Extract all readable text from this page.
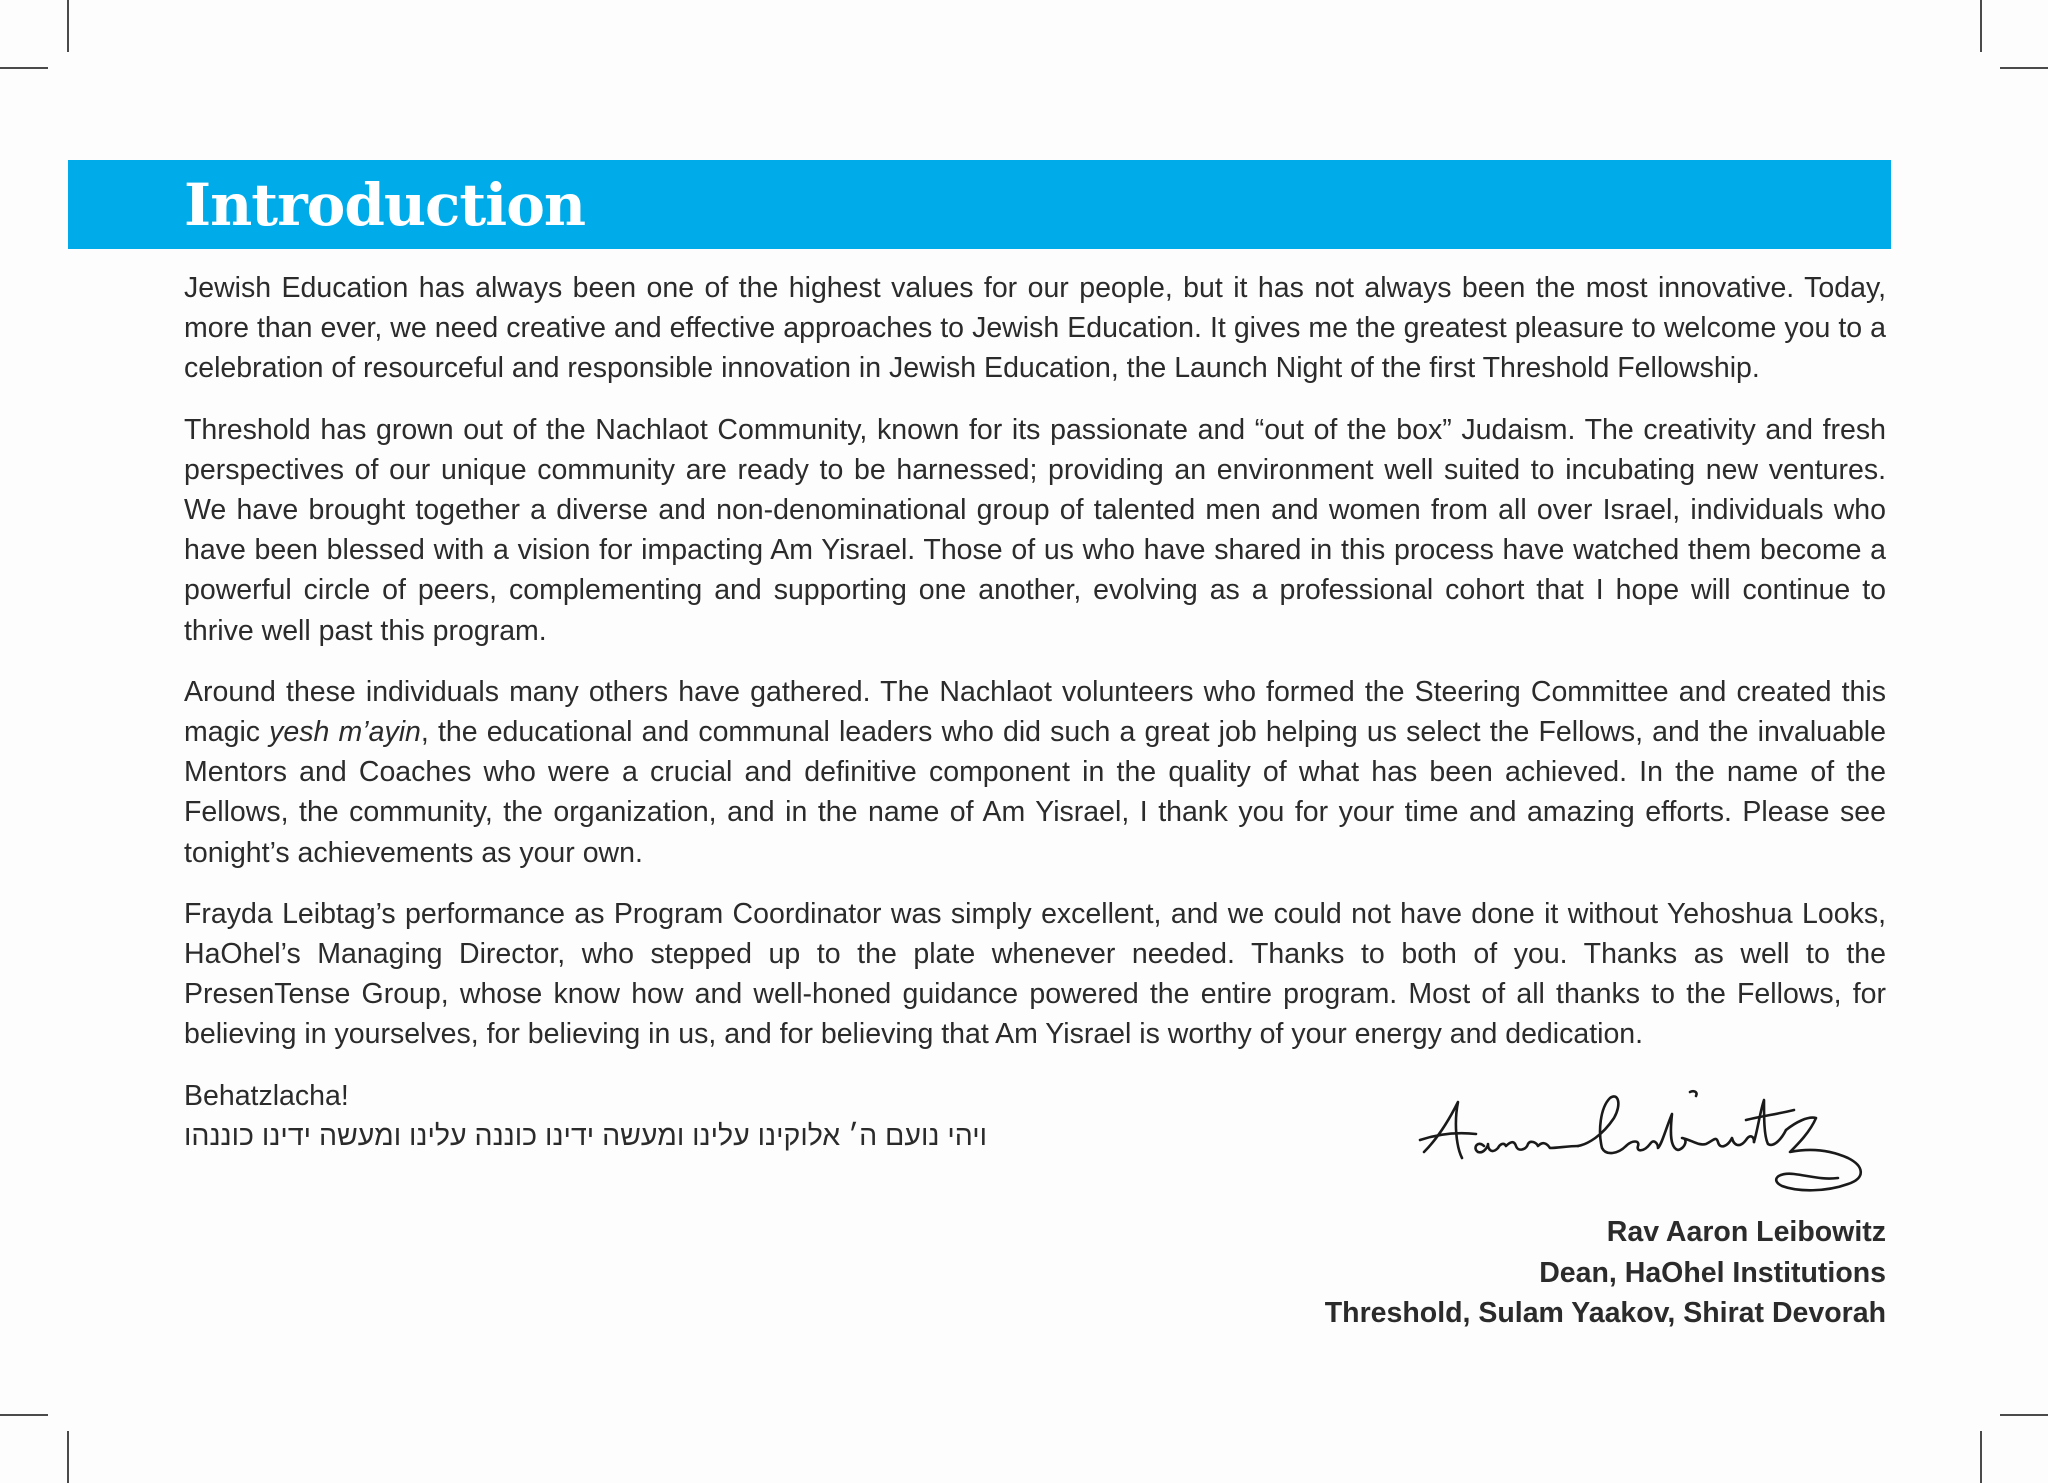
Introduction

Jewish Education has always been one of the highest values for our people, but it has not always been the most innovative. Today, more than ever, we need creative and effective approaches to Jewish Education. It gives me the greatest pleasure to welcome you to a celebration of resourceful and responsible innovation in Jewish Education, the Launch Night of the first Threshold Fellowship.

Threshold has grown out of the Nachlaot Community, known for its passionate and “out of the box” Judaism. The creativity and fresh perspectives of our unique community are ready to be harnessed; providing an environment well suited to incubating new ventures. We have brought together a diverse and non-denominational group of talented men and women from all over Israel, individuals who have been blessed with a vision for impacting Am Yisrael. Those of us who have shared in this process have watched them become a powerful circle of peers, complementing and supporting one another, evolving as a professional cohort that I hope will continue to thrive well past this program.

Around these individuals many others have gathered. The Nachlaot volunteers who formed the Steering Committee and created this magic yesh m’ayin, the educational and communal leaders who did such a great job helping us select the Fellows, and the invaluable Mentors and Coaches who were a crucial and definitive component in the quality of what has been achieved. In the name of the Fellows, the community, the organization, and in the name of Am Yisrael, I thank you for your time and amazing efforts. Please see tonight’s achievements as your own.

Frayda Leibtag’s performance as Program Coordinator was simply excellent, and we could not have done it without Yehoshua Looks, HaOhel’s Managing Director, who stepped up to the plate whenever needed. Thanks to both of you. Thanks as well to the PresenTense Group, whose know how and well-honed guidance powered the entire program. Most of all thanks to the Fellows, for believing in yourselves, for believing in us, and for believing that Am Yisrael is worthy of your energy and dedication.

Behatzlacha!
ויהי נועם ה׳ אלוקינו עלינו ומעשה ידינו כוננה עלינו ומעשה ידינו כוננהו
Rav Aaron Leibowitz
Dean, HaOhel Institutions
Threshold, Sulam Yaakov, Shirat Devorah
